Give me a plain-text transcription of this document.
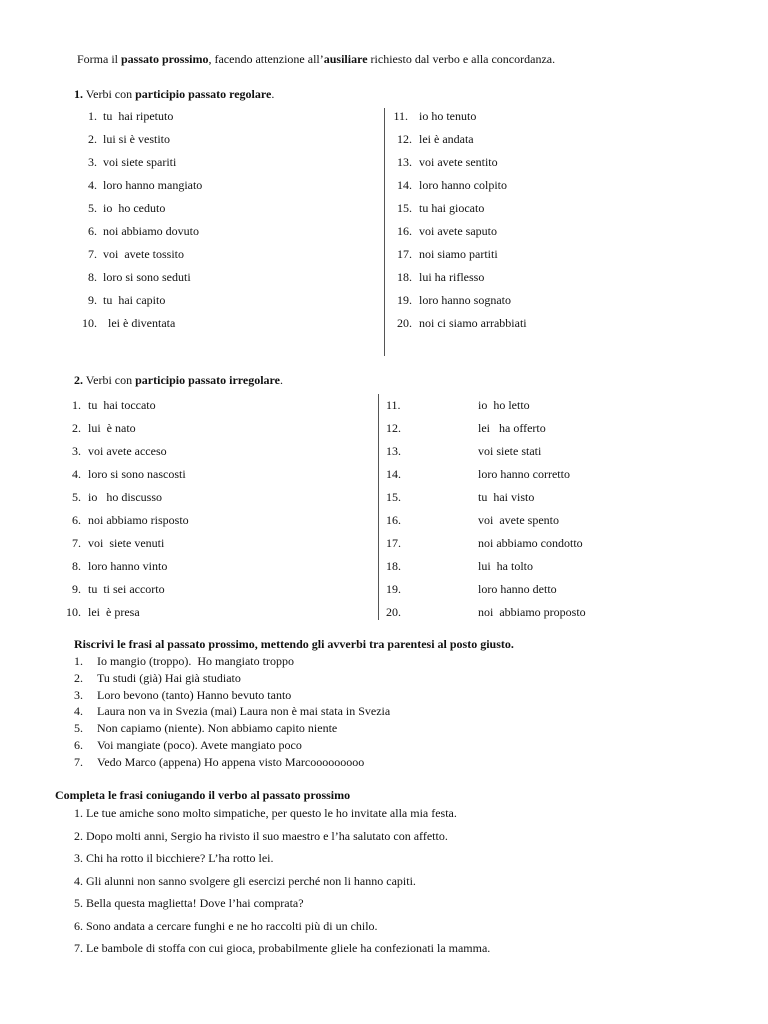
Forma il passato prossimo, facendo attenzione all’ausiliare richiesto dal verbo e alla concordanza.
1. Verbi con participio passato regolare.
1. tu  hai ripetuto
2. lui si è vestito
3. voi siete spariti
4. loro hanno mangiato
5. io  ho ceduto
6. noi abbiamo dovuto
7. voi  avete tossito
8. loro si sono seduti
9. tu  hai capito
10. lei è diventata
11. io ho tenuto
12. lei è andata
13. voi avete sentito
14. loro hanno colpito
15. tu hai giocato
16. voi avete saputo
17. noi siamo partiti
18. lui ha riflesso
19. loro hanno sognato
20. noi ci siamo arrabbiati
2. Verbi con participio passato irregolare.
1. tu  hai toccato
2. lui  è nato
3. voi avete acceso
4. loro si sono nascosti
5. io   ho discusso
6. noi abbiamo risposto
7. voi  siete venuti
8. loro hanno vinto
9. tu  ti sei accorto
10. lei  è presa
11.	io  ho letto
12.	lei   ha offerto
13.	voi siete stati
14.	loro hanno corretto
15.	tu  hai visto
16.	voi  avete spento
17.	noi abbiamo condotto
18.	lui  ha tolto
19.	loro hanno detto
20.	noi  abbiamo proposto
Riscrivi le frasi al passato prossimo, mettendo gli avverbi tra parentesi al posto giusto.
1. Io mangio (troppo).  Ho mangiato troppo
2. Tu studi (già) Hai già studiato
3. Loro bevono (tanto) Hanno bevuto tanto
4. Laura non va in Svezia (mai) Laura non è mai stata in Svezia
5. Non capiamo (niente). Non abbiamo capito niente
6. Voi mangiate (poco). Avete mangiato poco
7. Vedo Marco (appena) Ho appena visto Marcooooooooo
Completa le frasi coniugando il verbo al passato prossimo
1. Le tue amiche sono molto simpatiche, per questo le ho invitate alla mia festa.
2. Dopo molti anni, Sergio ha rivisto il suo maestro e l’ha salutato con affetto.
3. Chi ha rotto il bicchiere? L’ha rotto lei.
4. Gli alunni non sanno svolgere gli esercizi perché non li hanno capiti.
5. Bella questa maglietta! Dove l’hai comprata?
6. Sono andata a cercare funghi e ne ho raccolti più di un chilo.
7. Le bambole di stoffa con cui gioca, probabilmente gliele ha confezionati la mamma.
